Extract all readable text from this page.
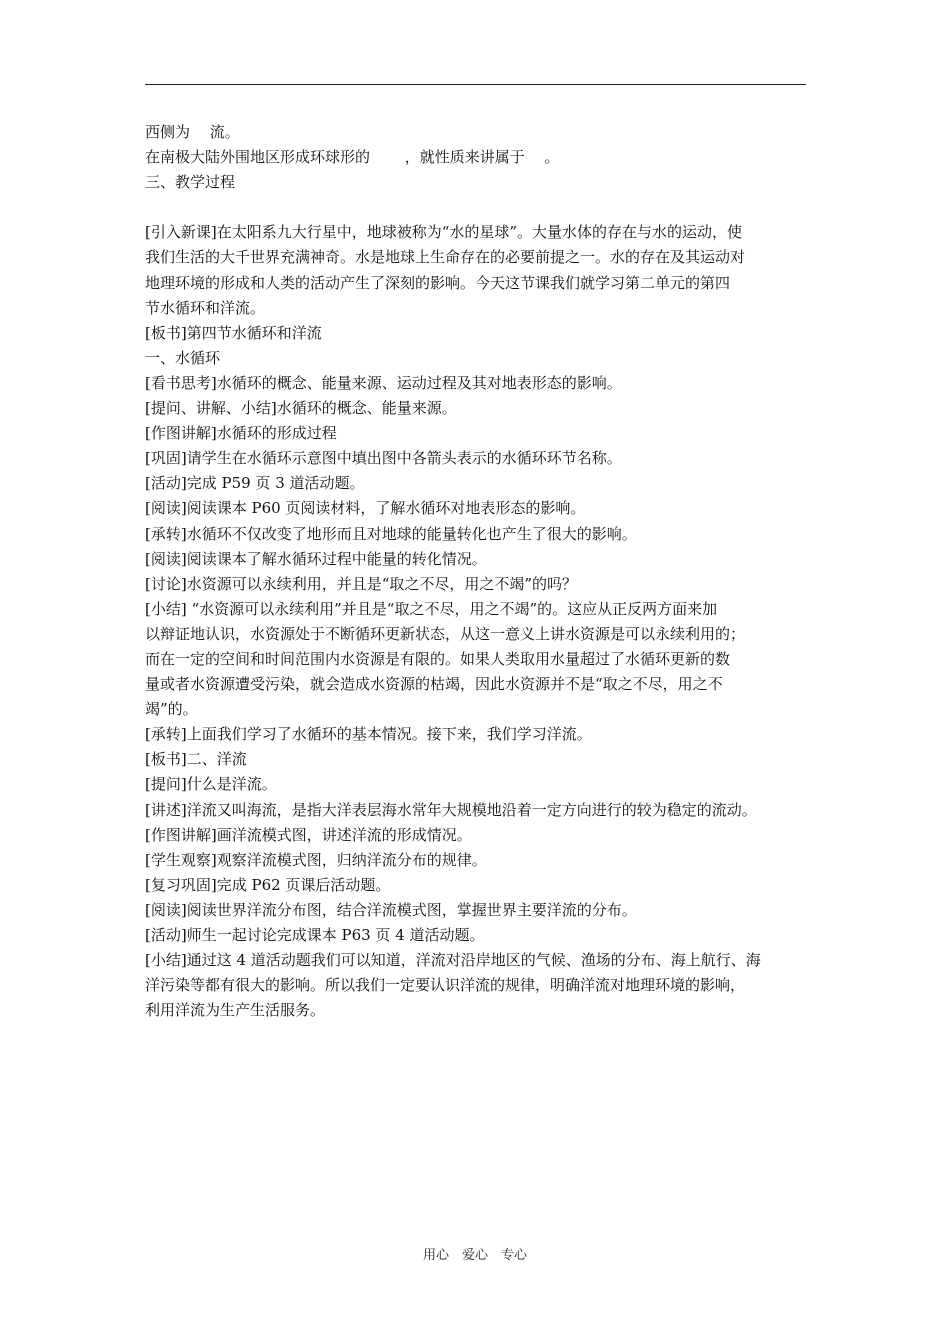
西侧为　 流。
在南极大陆外围地区形成环球形的　　 ，就性质来讲属于　 。
三、教学过程
[引入新课]在太阳系九大行星中，地球被称为“水的星球”。大量水体的存在与水的运动，使
我们生活的大千世界充满神奇。水是地球上生命存在的必要前提之一。水的存在及其运动对
地理环境的形成和人类的活动产生了深刻的影响。今天这节课我们就学习第二单元的第四
节水循环和洋流。
[板书]第四节水循环和洋流
一、水循环
[看书思考]水循环的概念、能量来源、运动过程及其对地表形态的影响。
[提问、讲解、小结]水循环的概念、能量来源。
[作图讲解]水循环的形成过程
[巩固]请学生在水循环示意图中填出图中各箭头表示的水循环环节名称。
[活动]完成 P59 页 3 道活动题。
[阅读]阅读课本 P60 页阅读材料，了解水循环对地表形态的影响。
[承转]水循环不仅改变了地形而且对地球的能量转化也产生了很大的影响。
[阅读]阅读课本了解水循环过程中能量的转化情况。
[讨论]水资源可以永续利用，并且是“取之不尽，用之不竭”的吗？
[小结] “水资源可以永续利用”并且是“取之不尽，用之不竭”的。这应从正反两方面来加
以辩证地认识，水资源处于不断循环更新状态，从这一意义上讲水资源是可以永续利用的；
而在一定的空间和时间范围内水资源是有限的。如果人类取用水量超过了水循环更新的数
量或者水资源遭受污染，就会造成水资源的枯竭，因此水资源并不是“取之不尽，用之不
竭”的。
[承转]上面我们学习了水循环的基本情况。接下来，我们学习洋流。
[板书]二、洋流
[提问]什么是洋流。
[讲述]洋流又叫海流，是指大洋表层海水常年大规模地沿着一定方向进行的较为稳定的流动。
[作图讲解]画洋流模式图，讲述洋流的形成情况。
[学生观察]观察洋流模式图，归纳洋流分布的规律。
[复习巩固]完成 P62 页课后活动题。
[阅读]阅读世界洋流分布图，结合洋流模式图，掌握世界主要洋流的分布。
[活动]师生一起讨论完成课本 P63 页 4 道活动题。
[小结]通过这 4 道活动题我们可以知道，洋流对沿岸地区的气候、渔场的分布、海上航行、海
洋污染等都有很大的影响。所以我们一定要认识洋流的规律，明确洋流对地理环境的影响，
利用洋流为生产生活服务。
用心　爱心　专心
